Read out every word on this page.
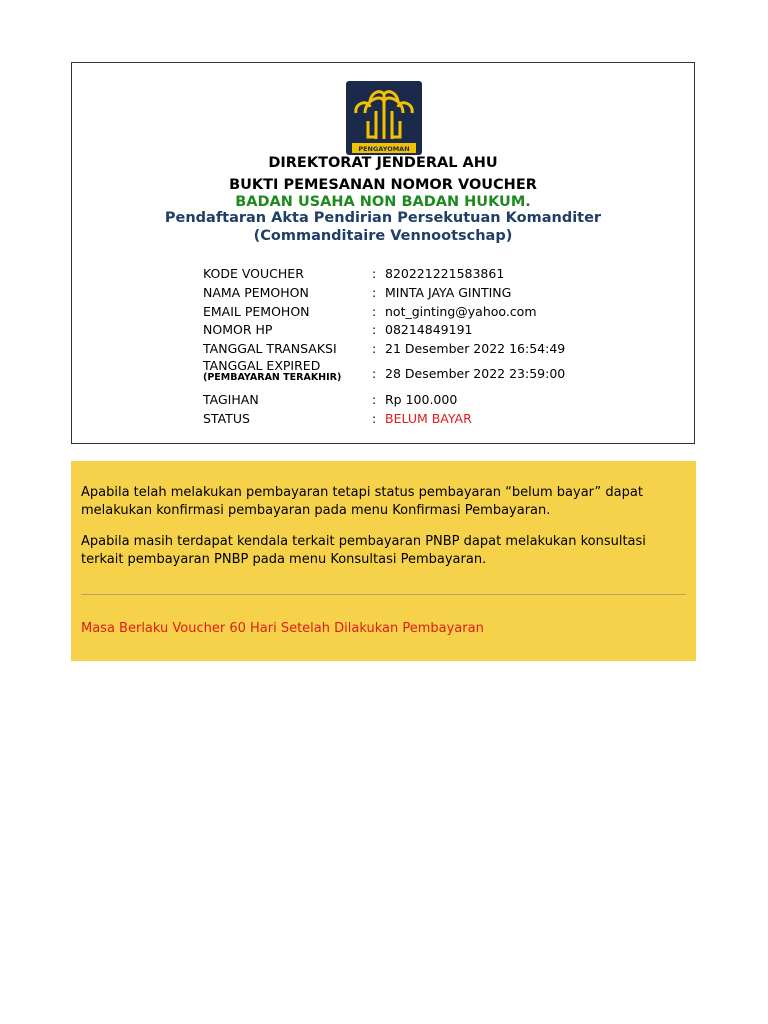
PENGAYOMAN
DIREKTORAT JENDERAL AHU
BUKTI PEMESANAN NOMOR VOUCHER
BADAN USAHA NON BADAN HUKUM.
Pendaftaran Akta Pendirian Persekutuan Komanditer
(Commanditaire Vennootschap)
KODE VOUCHER	: 820221221583861
NAMA PEMOHON	: MINTA JAYA GINTING
EMAIL PEMOHON	: not_ginting@yahoo.com
NOMOR HP	: 08214849191
TANGGAL TRANSAKSI	: 21 Desember 2022 16:54:49
TANGGAL EXPIRED
(PEMBAYARAN TERAKHIR) : 28 Desember 2022 23:59:00
TAGIHAN	: Rp 100.000
STATUS	: BELUM BAYAR

Apabila telah melakukan pembayaran tetapi status pembayaran “belum bayar” dapat melakukan konfirmasi pembayaran pada menu Konfirmasi Pembayaran.

Apabila masih terdapat kendala terkait pembayaran PNBP dapat melakukan konsultasi terkait pembayaran PNBP pada menu Konsultasi Pembayaran.

Masa Berlaku Voucher 60 Hari Setelah Dilakukan Pembayaran
